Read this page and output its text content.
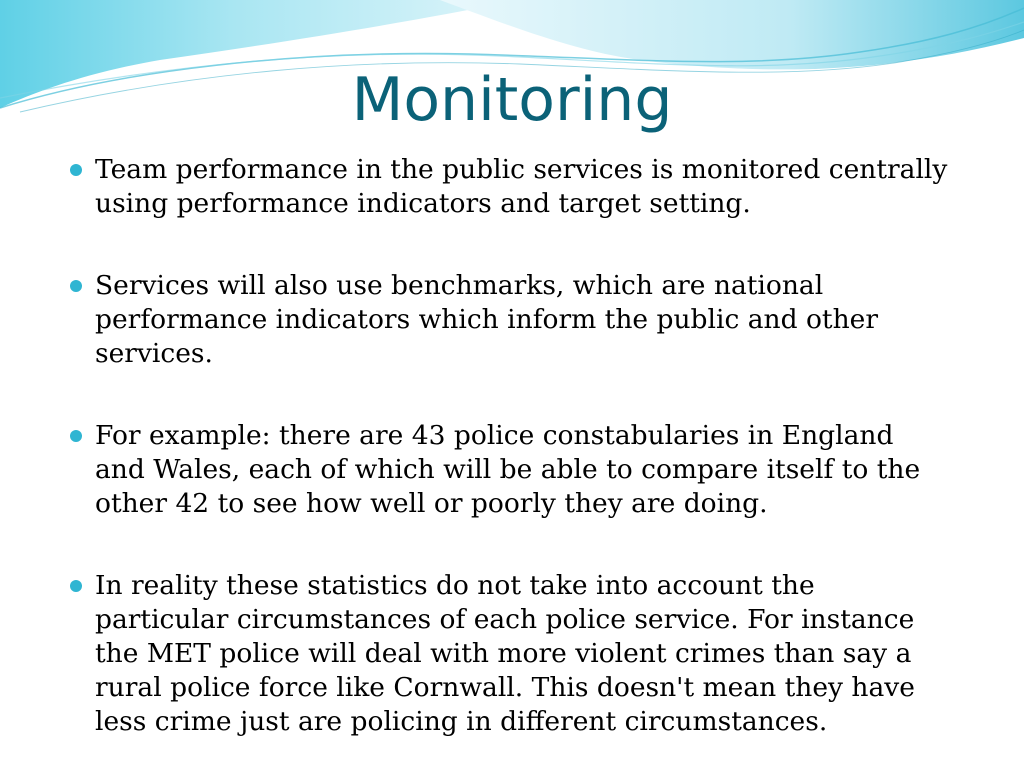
Monitoring
Team performance in the public services is monitored centrally using performance indicators and target setting.
Services will also use benchmarks, which are national performance indicators which inform the public and other services.
For example: there are 43 police constabularies in England and Wales, each of which will be able to compare itself to the other 42 to see how well or poorly they are doing.
In reality these statistics do not take into account the particular circumstances of each police service. For instance the MET police will deal with more violent crimes than say a rural police force like Cornwall. This doesn't mean they have less crime just are policing in different circumstances.
